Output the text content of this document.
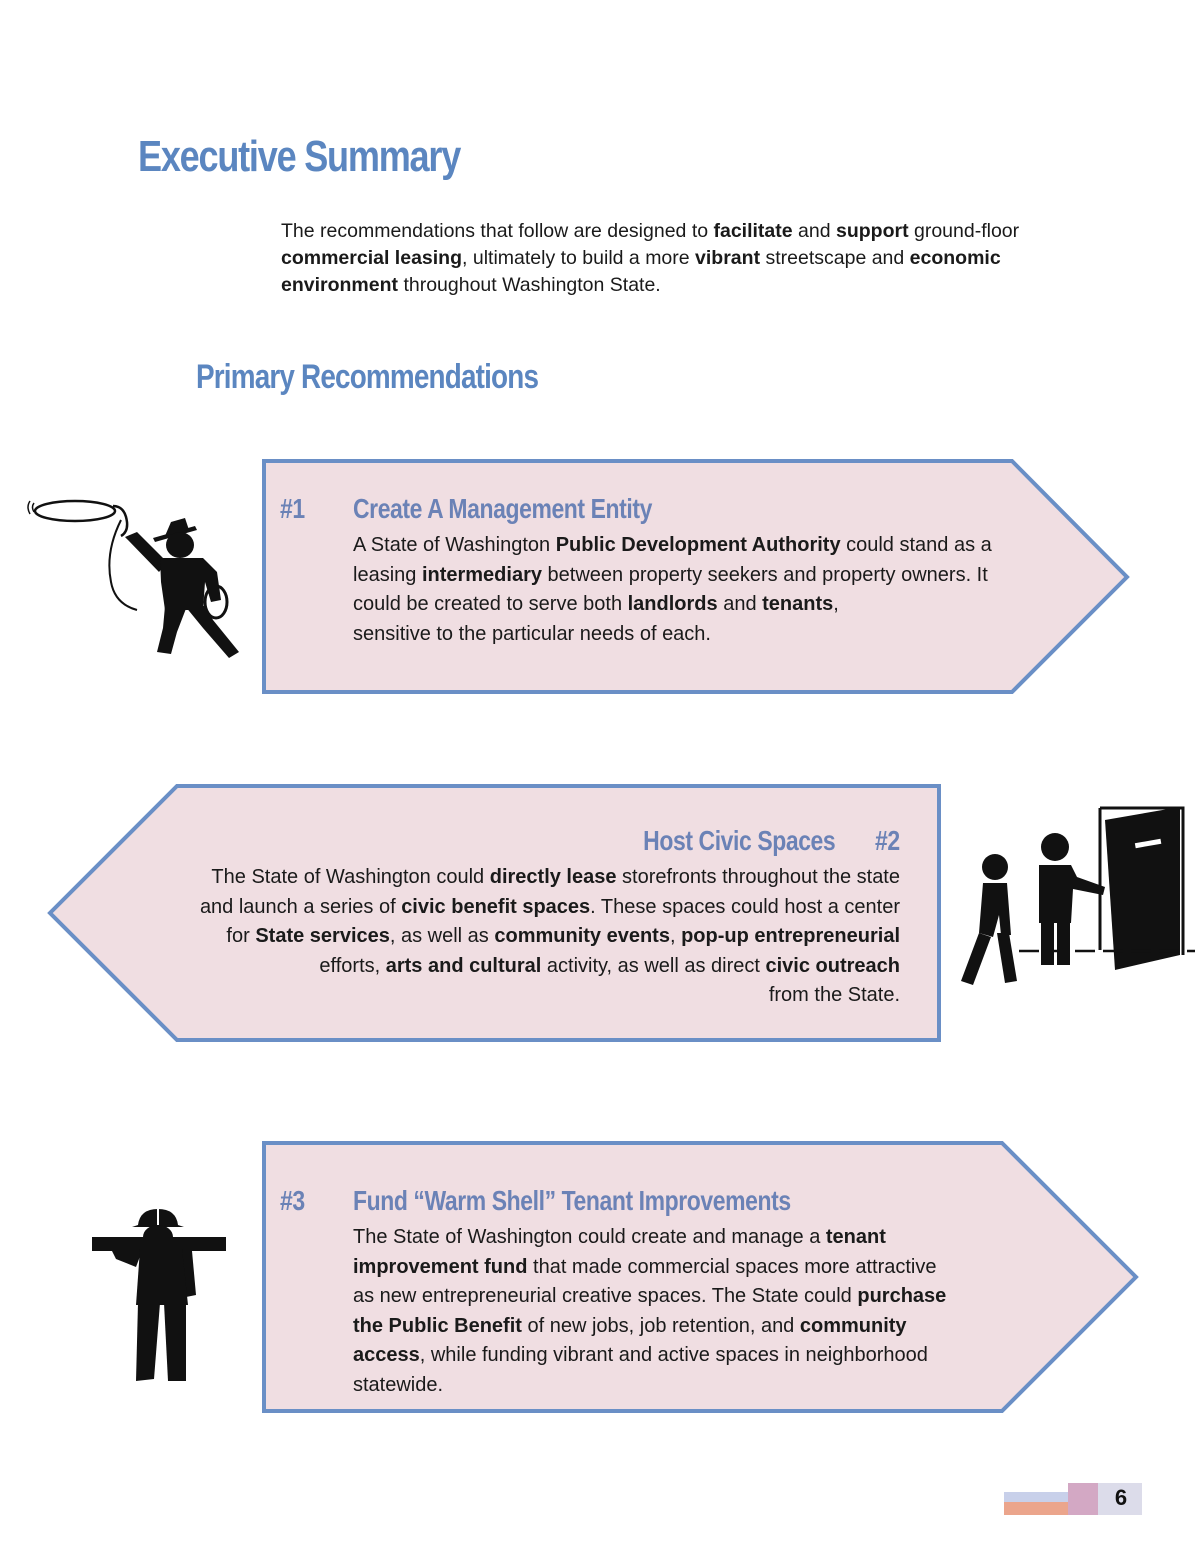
Executive Summary

The recommendations that follow are designed to facilitate and support ground-floor commercial leasing, ultimately to build a more vibrant streetscape and economic environment throughout Washington State.

Primary Recommendations
#1 Create A Management Entity
A State of Washington Public Development Authority could stand as a
leasing intermediary between property seekers and property owners. It
could be created to serve both landlords and tenants,
sensitive to the particular needs of each.
Host Civic Spaces #2
The State of Washington could directly lease storefronts throughout the state
and launch a series of civic benefit spaces. These spaces could host a center
for State services, as well as community events, pop-up entrepreneurial
efforts, arts and cultural activity, as well as direct civic outreach
from the State.
#3 Fund “Warm Shell” Tenant Improvements
The State of Washington could create and manage a tenant
improvement fund that made commercial spaces more attractive
as new entrepreneurial creative spaces. The State could purchase
the Public Benefit of new jobs, job retention, and community
access, while funding vibrant and active spaces in neighborhood
statewide.
6
